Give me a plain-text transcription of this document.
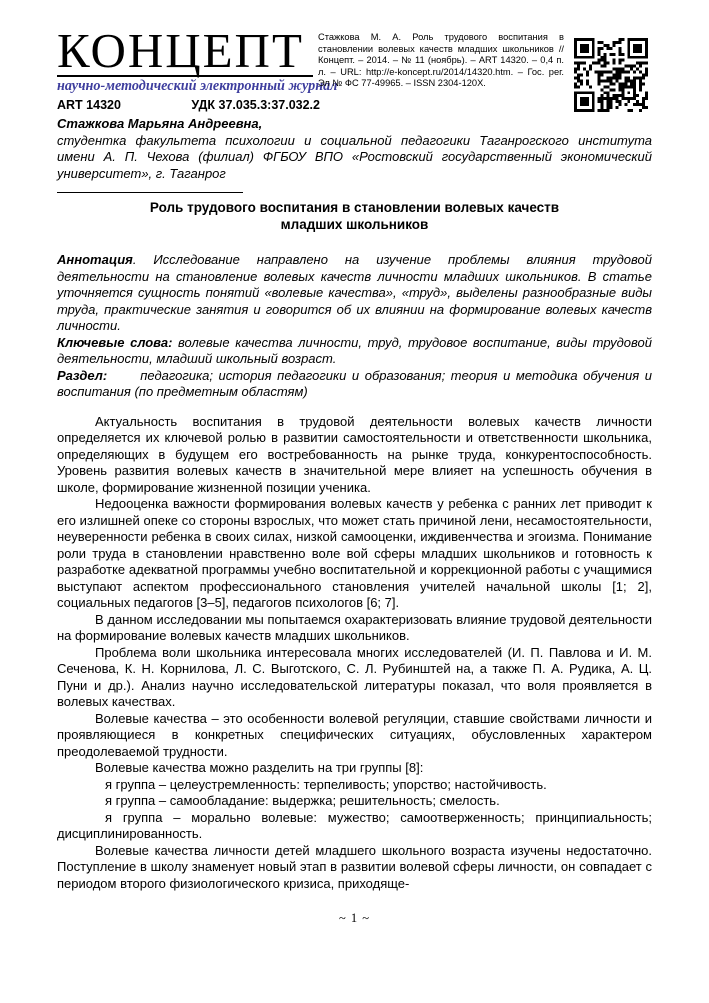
КОНЦЕПТ
научно-методический электронный журнал
ART 14320	УДК 37.035.3:37.032.2
Стажкова М. А. Роль трудового воспитания в становлении волевых качеств младших школьников // Концепт. – 2014. – № 11 (ноябрь). – ART 14320. – 0,4 п. л. – URL: http://e-koncept.ru/2014/14320.htm. – Гос. рег. Эл № ФС 77-49965. – ISSN 2304-120X.
Стажкова Марьяна Андреевна,
студентка факультета психологии и социальной педагогики Таганрогского института имени А. П. Чехова (филиал) ФГБОУ ВПО «Ростовский государственный экономический университет», г. Таганрог
Роль трудового воспитания в становлении волевых качеств младших школьников

Аннотация. Исследование направлено на изучение проблемы влияния трудовой деятельности на становление волевых качеств личности младших школьников. В статье уточняется сущность понятий «волевые качества», «труд», выделены разнообразные виды труда, практические занятия и говорится об их влиянии на формирование волевых качеств личности.

Ключевые слова: волевые качества личности, труд, трудовое воспитание, виды трудовой деятельности, младший школьный возраст.

Раздел:	педагогика; история педагогики и образования; теория и методика обучения и воспитания (по предметным областям)

Актуальность воспитания в трудовой деятельности волевых качеств личности определяется их ключевой ролью в развитии самостоятельности и ответственности школьника, определяющих в будущем его востребованность на рынке труда, конкурентоспособность. Уровень развития волевых качеств в значительной мере влияет на успешность обучения в школе, формирование жизненной позиции ученика.

Недооценка важности формирования волевых качеств у ребенка с ранних лет приводит к его излишней опеке со стороны взрослых, что может стать причиной лени, несамостоятельности, неуверенности ребенка в своих силах, низкой самооценки, иждивенчества и эгоизма. Понимание роли труда в становлении нравственно воле вой сферы младших школьников и готовность к разработке адекватной программы учебно воспитательной и коррекционной работы с учащимися выступают аспектом профессионального становления учителей начальной школы [1; 2], социальных педагогов [3–5], педагогов психологов [6; 7].

В данном исследовании мы попытаемся охарактеризовать влияние трудовой деятельности на формирование волевых качеств младших школьников.

Проблема воли школьника интересовала многих исследователей (И. П. Павлова и И. М. Сеченова, К. Н. Корнилова, Л. С. Выготского, С. Л. Рубинштей на, а также П. А. Рудика, А. Ц. Пуни и др.). Анализ научно исследовательской литературы показал, что воля проявляется в волевых качествах.

Волевые качества – это особенности волевой регуляции, ставшие свойствами личности и проявляющиеся в конкретных специфических ситуациях, обусловленных характером преодолеваемой трудности.

Волевые качества можно разделить на три группы [8]:

я группа – целеустремленность: терпеливость; упорство; настойчивость.

я группа – самообладание: выдержка; решительность; смелость.

я группа – морально волевые: мужество; самоотверженность; принципиальность; дисциплинированность.

Волевые качества личности детей младшего школьного возраста изучены недостаточно. Поступление в школу знаменует новый этап в развитии волевой сферы личности, он совпадает с периодом второго физиологического кризиса, приходяще-

~ 1 ~
